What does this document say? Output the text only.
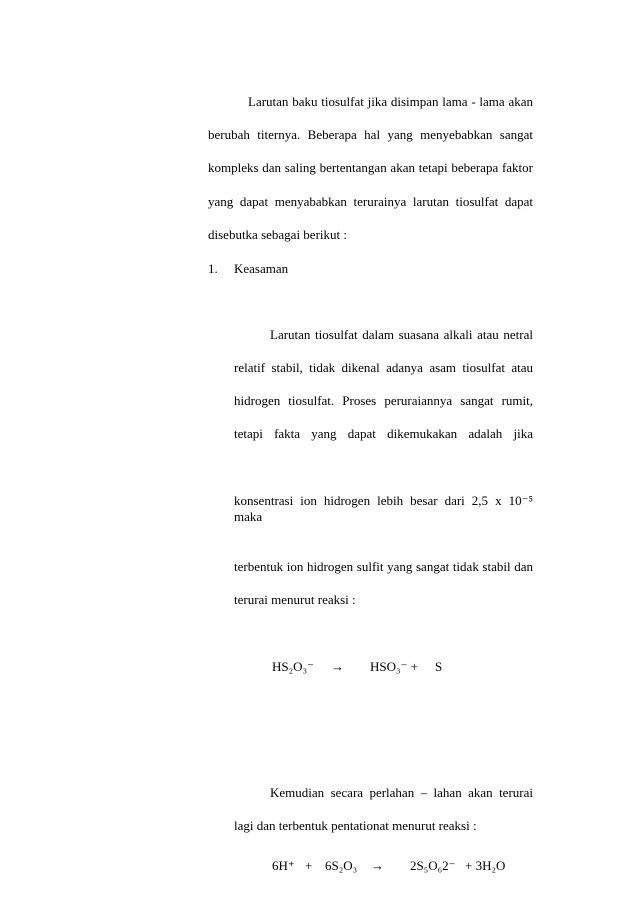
Larutan baku tiosulfat jika disimpan lama - lama akan
berubah titernya. Beberapa hal yang menyebabkan sangat
kompleks dan saling bertentangan akan tetapi beberapa faktor
yang dapat menyababkan terurainya larutan tiosulfat dapat
disebutka sebagai berikut :
1. Keasaman
Larutan tiosulfat dalam suasana alkali atau netral
relatif stabil, tidak dikenal adanya asam tiosulfat atau
hidrogen tiosulfat. Proses peruraiannya sangat rumit,
tetapi fakta yang dapat dikemukakan adalah jika
konsentrasi ion hidrogen lebih besar dari 2,5 x 10⁻⁵ maka
terbentuk ion hidrogen sulfit yang sangat tidak stabil dan
terurai menurut reaksi :
HS₂O₃⁻ → HSO₃⁻ + S
Kemudian secara perlahan – lahan akan terurai
lagi dan terbentuk pentationat menurut reaksi :
6H⁺ + 6S₂O₃ → 2S₅O₆2⁻ + 3H₂O
